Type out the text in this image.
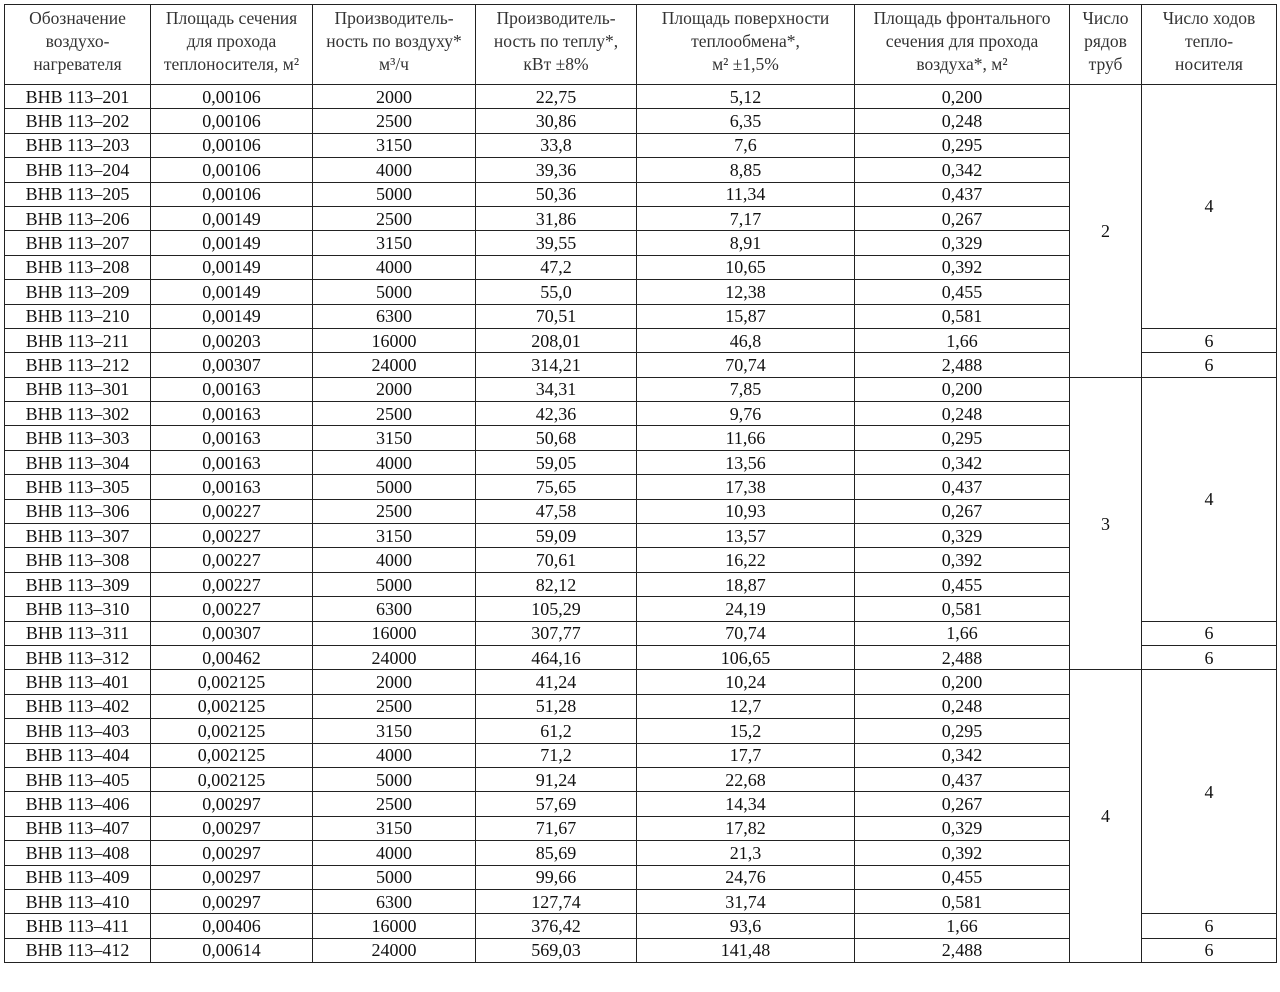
Обозначение
воздухо-
нагревателя	Площадь сечения
для прохода
теплоносителя, м²	Производитель-
ность по воздуху*
м³/ч	Производитель-
ность по теплу*,
кВт ±8%	Площадь поверхности
теплообмена*,
м² ±1,5%	Площадь фронтального
сечения для прохода
воздуха*, м²	Число
рядов
труб	Число ходов
тепло-
носителя

ВНВ 113–201	0,00106	2000	22,75	5,12	0,200	2	4
ВНВ 113–202	0,00106	2500	30,86	6,35	0,248		
ВНВ 113–203	0,00106	3150	33,8	7,6	0,295		
ВНВ 113–204	0,00106	4000	39,36	8,85	0,342		
ВНВ 113–205	0,00106	5000	50,36	11,34	0,437		
ВНВ 113–206	0,00149	2500	31,86	7,17	0,267		
ВНВ 113–207	0,00149	3150	39,55	8,91	0,329		
ВНВ 113–208	0,00149	4000	47,2	10,65	0,392		
ВНВ 113–209	0,00149	5000	55,0	12,38	0,455		
ВНВ 113–210	0,00149	6300	70,51	15,87	0,581		
ВНВ 113–211	0,00203	16000	208,01	46,8	1,66		6
ВНВ 113–212	0,00307	24000	314,21	70,74	2,488		6
ВНВ 113–301	0,00163	2000	34,31	7,85	0,200	3	4
ВНВ 113–302	0,00163	2500	42,36	9,76	0,248		
ВНВ 113–303	0,00163	3150	50,68	11,66	0,295		
ВНВ 113–304	0,00163	4000	59,05	13,56	0,342		
ВНВ 113–305	0,00163	5000	75,65	17,38	0,437		
ВНВ 113–306	0,00227	2500	47,58	10,93	0,267		
ВНВ 113–307	0,00227	3150	59,09	13,57	0,329		
ВНВ 113–308	0,00227	4000	70,61	16,22	0,392		
ВНВ 113–309	0,00227	5000	82,12	18,87	0,455		
ВНВ 113–310	0,00227	6300	105,29	24,19	0,581		
ВНВ 113–311	0,00307	16000	307,77	70,74	1,66		6
ВНВ 113–312	0,00462	24000	464,16	106,65	2,488		6
ВНВ 113–401	0,002125	2000	41,24	10,24	0,200	4	4
ВНВ 113–402	0,002125	2500	51,28	12,7	0,248		
ВНВ 113–403	0,002125	3150	61,2	15,2	0,295		
ВНВ 113–404	0,002125	4000	71,2	17,7	0,342		
ВНВ 113–405	0,002125	5000	91,24	22,68	0,437		
ВНВ 113–406	0,00297	2500	57,69	14,34	0,267		
ВНВ 113–407	0,00297	3150	71,67	17,82	0,329		
ВНВ 113–408	0,00297	4000	85,69	21,3	0,392		
ВНВ 113–409	0,00297	5000	99,66	24,76	0,455		
ВНВ 113–410	0,00297	6300	127,74	31,74	0,581		
ВНВ 113–411	0,00406	16000	376,42	93,6	1,66		6
ВНВ 113–412	0,00614	24000	569,03	141,48	2,488		6
